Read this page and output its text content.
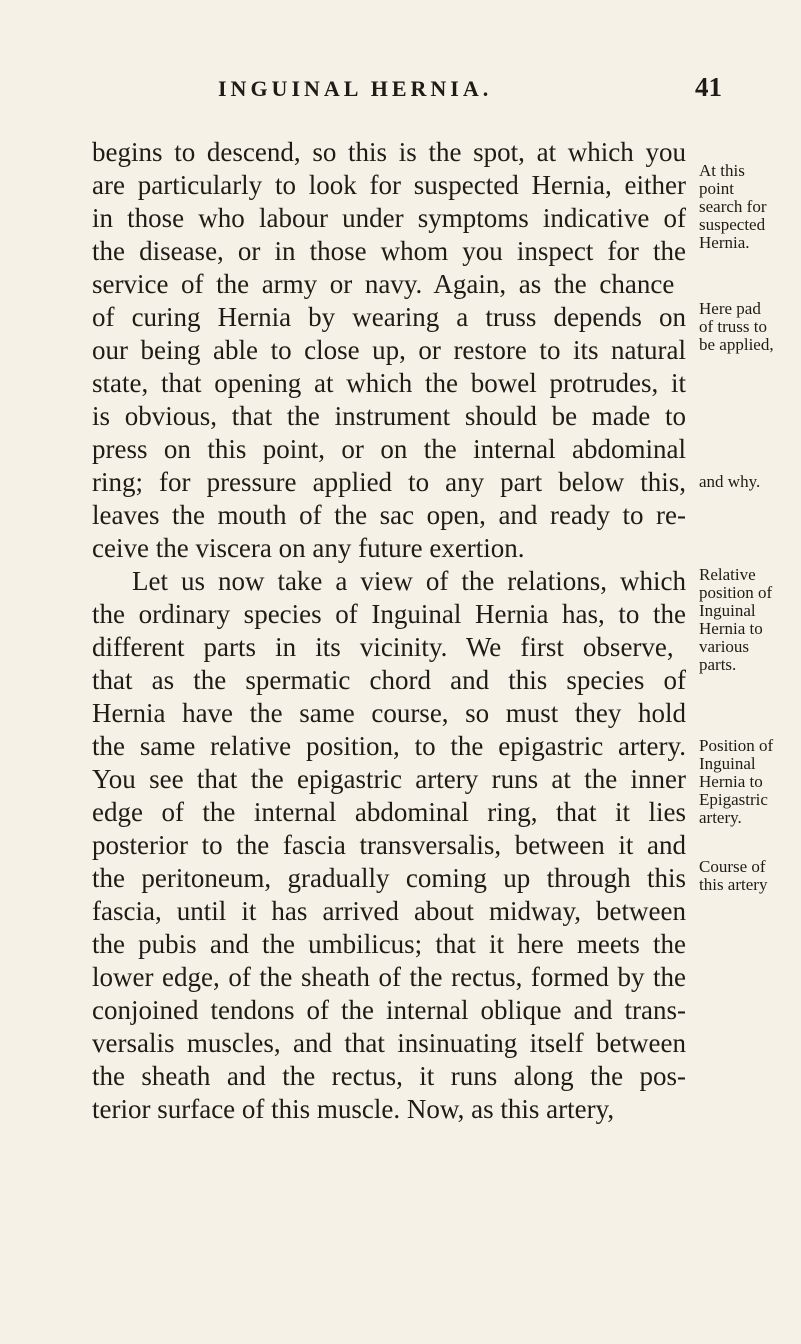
INGUINAL HERNIA.	41
begins to descend, so this is the spot, at which you
are particularly to look for suspected Hernia, either
in those who labour under symptoms indicative of
the disease, or in those whom you inspect for the
service of the army or navy. Again, as the chance
of curing Hernia by wearing a truss depends on
our being able to close up, or restore to its natural
state, that opening at which the bowel protrudes, it
is obvious, that the instrument should be made to
press on this point, or on the internal abdominal
ring; for pressure applied to any part below this,
leaves the mouth of the sac open, and ready to re-
ceive the viscera on any future exertion.
Let us now take a view of the relations, which
the ordinary species of Inguinal Hernia has, to the
different parts in its vicinity. We first observe,
that as the spermatic chord and this species of
Hernia have the same course, so must they hold
the same relative position, to the epigastric artery.
You see that the epigastric artery runs at the inner
edge of the internal abdominal ring, that it lies
posterior to the fascia transversalis, between it and
the peritoneum, gradually coming up through this
fascia, until it has arrived about midway, between
the pubis and the umbilicus; that it here meets the
lower edge, of the sheath of the rectus, formed by the
conjoined tendons of the internal oblique and trans-
versalis muscles, and that insinuating itself between
the sheath and the rectus, it runs along the pos-
terior surface of this muscle. Now, as this artery,
At this
point
search for
suspected
Hernia.
Here pad
of truss to
be applied,
and why.
Relative
position of
Inguinal
Hernia to
various
parts.
Position of
Inguinal
Hernia to
Epigastric
artery.
Course of
this artery
